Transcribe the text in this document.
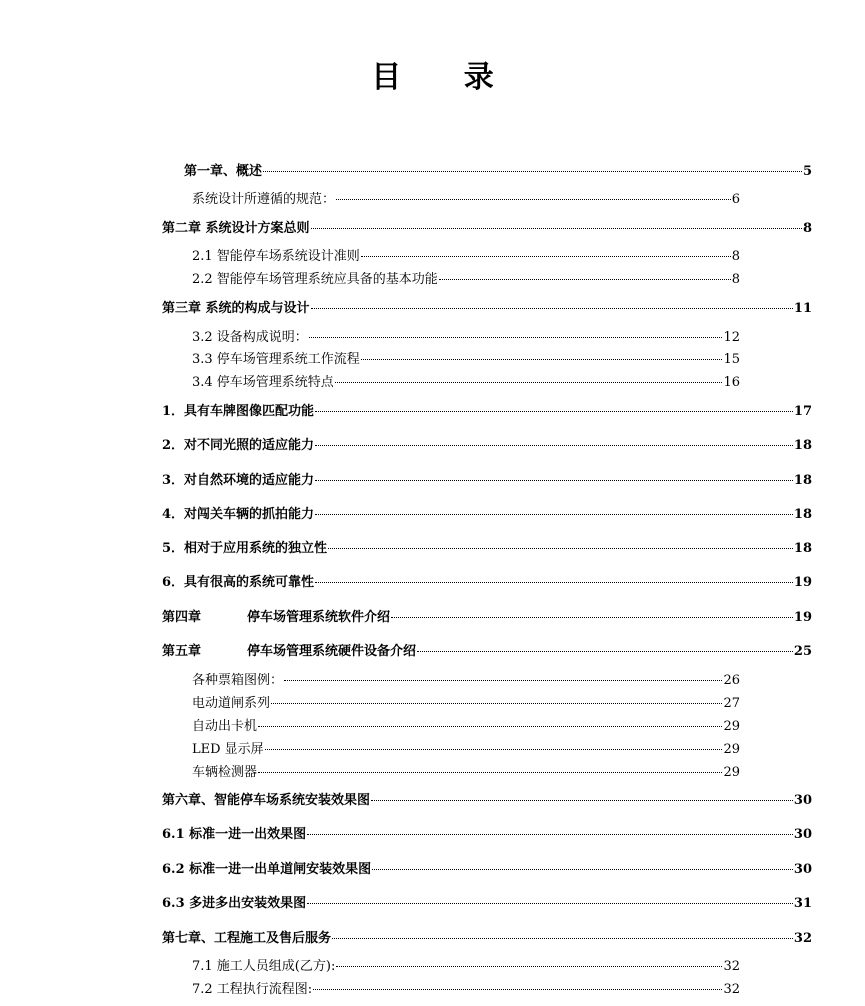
目 录
第一章、概述	5
系统设计所遵循的规范：	6
第二章 系统设计方案总则	8
2.1 智能停车场系统设计准则	8
2.2 智能停车场管理系统应具备的基本功能	8
第三章 系统的构成与设计	11
3.2 设备构成说明：	12
3.3 停车场管理系统工作流程	15
3.4 停车场管理系统特点	16
1．具有车牌图像匹配功能	17
2．对不同光照的适应能力	18
3．对自然环境的适应能力	18
4．对闯关车辆的抓拍能力	18
5．相对于应用系统的独立性	18
6．具有很高的系统可靠性	19
第四章	停车场管理系统软件介绍	19
第五章	停车场管理系统硬件设备介绍	25
各种票箱图例：	26
电动道闸系列	27
自动出卡机	29
LED 显示屏	29
车辆检测器	29
第六章、智能停车场系统安装效果图	30
6.1 标准一进一出效果图	30
6.2 标准一进一出单道闸安装效果图	30
6.3 多进多出安装效果图	31
第七章、工程施工及售后服务	32
7.1 施工人员组成(乙方):	32
7.2 工程执行流程图:	32
